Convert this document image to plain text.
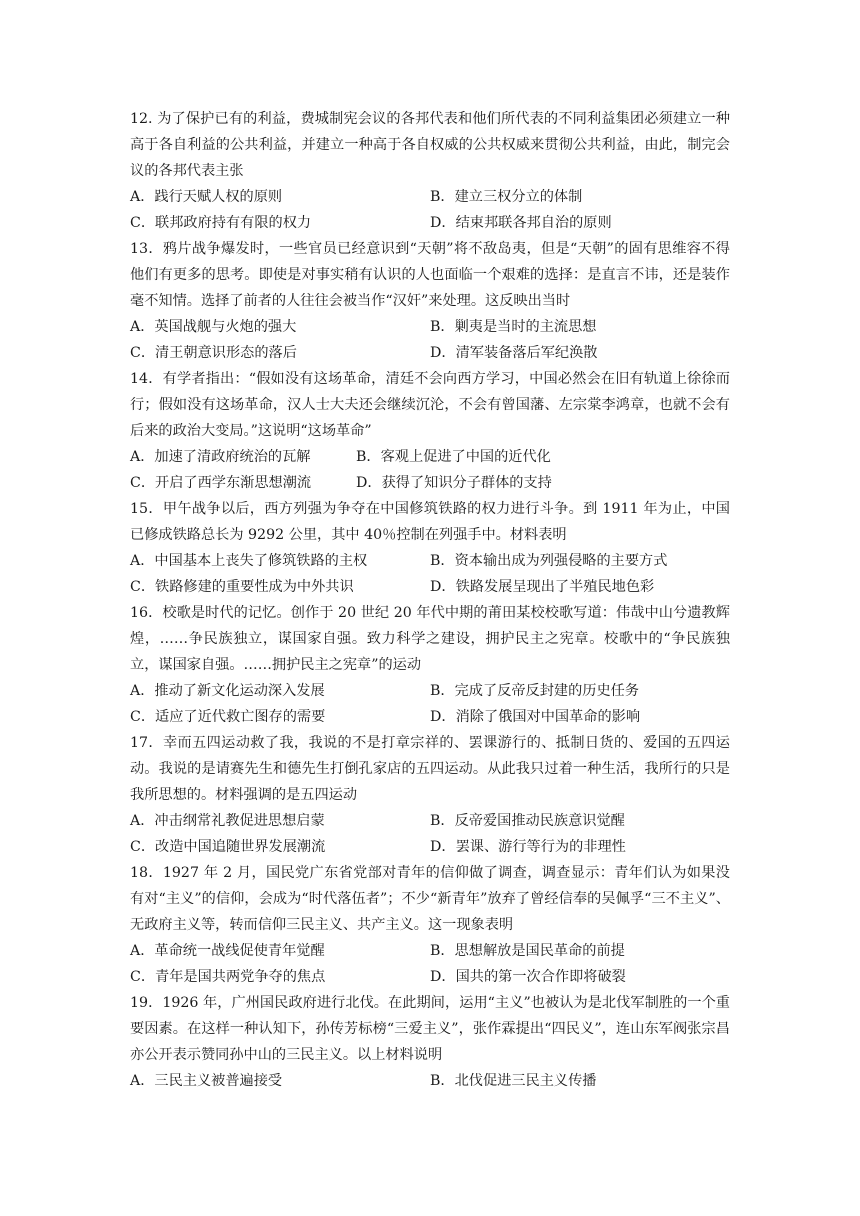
12. 为了保护已有的利益，费城制宪会议的各邦代表和他们所代表的不同利益集团必须建立一种高于各自利益的公共利益，并建立一种高于各自权威的公共权威来贯彻公共利益，由此，制完会议的各邦代表主张

A．践行天赋人权的原则	B．建立三权分立的体制
C．联邦政府持有有限的权力	D．结束邦联各邦自治的原则

13．鸦片战争爆发时，一些官员已经意识到“天朝”将不敌岛夷，但是“天朝”的固有思维容不得他们有更多的思考。即使是对事实稍有认识的人也面临一个艰难的选择：是直言不讳，还是装作毫不知情。选择了前者的人往往会被当作“汉奸”来处理。这反映出当时

A．英国战舰与火炮的强大	B．剿夷是当时的主流思想
C．清王朝意识形态的落后	D．清军装备落后军纪涣散

14．有学者指出：“假如没有这场革命，清廷不会向西方学习，中国必然会在旧有轨道上徐徐而行；假如没有这场革命，汉人士大夫还会继续沉沦，不会有曾国藩、左宗棠李鸿章，也就不会有后来的政治大变局。”这说明“这场革命”

A．加速了清政府统治的瓦解	B．客观上促进了中国的近代化
C．开启了西学东渐思想潮流	D．获得了知识分子群体的支持

15．甲午战争以后，西方列强为争夺在中国修筑铁路的权力进行斗争。到 1911 年为止，中国已修成铁路总长为 9292 公里，其中 40％控制在列强手中。材料表明

A．中国基本上丧失了修筑铁路的主权	B．资本输出成为列强侵略的主要方式
C．铁路修建的重要性成为中外共识	D．铁路发展呈现出了半殖民地色彩

16．校歌是时代的记忆。创作于 20 世纪 20 年代中期的莆田某校校歌写道：伟哉中山兮遗教辉煌，……争民族独立，谋国家自强。致力科学之建设，拥护民主之宪章。校歌中的“争民族独立，谋国家自强。……拥护民主之宪章”的运动

A．推动了新文化运动深入发展	B．完成了反帝反封建的历史任务
C．适应了近代救亡图存的需要	D．消除了俄国对中国革命的影响

17．幸而五四运动救了我，我说的不是打章宗祥的、罢课游行的、抵制日货的、爱国的五四运动。我说的是请赛先生和德先生打倒孔家店的五四运动。从此我只过着一种生活，我所行的只是我所思想的。材料强调的是五四运动

A．冲击纲常礼教促进思想启蒙	B．反帝爱国推动民族意识觉醒
C．改造中国追随世界发展潮流	D．罢课、游行等行为的非理性

18．1927 年 2 月，国民党广东省党部对青年的信仰做了调查，调查显示：青年们认为如果没有对“主义”的信仰，会成为“时代落伍者”；不少“新青年”放弃了曾经信奉的吴佩孚“三不主义”、无政府主义等，转而信仰三民主义、共产主义。这一现象表明

A．革命统一战线促使青年觉醒	B．思想解放是国民革命的前提
C．青年是国共两党争夺的焦点	D．国共的第一次合作即将破裂

19．1926 年，广州国民政府进行北伐。在此期间，运用“主义”也被认为是北伐军制胜的一个重要因素。在这样一种认知下，孙传芳标榜“三爱主义”，张作霖提出“四民义”，连山东军阀张宗昌亦公开表示赞同孙中山的三民主义。以上材料说明

A．三民主义被普遍接受	B．北伐促进三民主义传播
